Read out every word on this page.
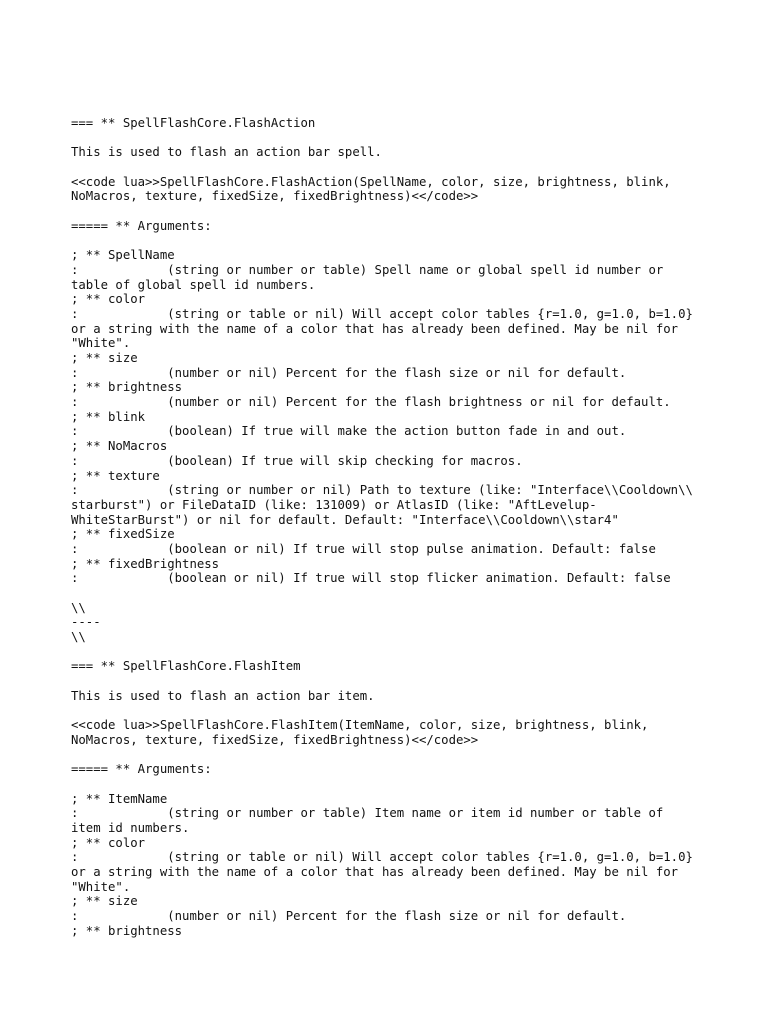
=== ** SpellFlashCore.FlashAction
This is used to flash an action bar spell.
<<code lua>>SpellFlashCore.FlashAction(SpellName, color, size, brightness, blink,
NoMacros, texture, fixedSize, fixedBrightness)<</code>>
===== ** Arguments:
; ** SpellName
:            (string or number or table) Spell name or global spell id number or
table of global spell id numbers.
; ** color
:            (string or table or nil) Will accept color tables {r=1.0, g=1.0, b=1.0}
or a string with the name of a color that has already been defined. May be nil for
"White".
; ** size
:            (number or nil) Percent for the flash size or nil for default.
; ** brightness
:            (number or nil) Percent for the flash brightness or nil for default.
; ** blink
:            (boolean) If true will make the action button fade in and out.
; ** NoMacros
:            (boolean) If true will skip checking for macros.
; ** texture
:            (string or number or nil) Path to texture (like: "Interface\\Cooldown\\
starburst") or FileDataID (like: 131009) or AtlasID (like: "AftLevelup-
WhiteStarBurst") or nil for default. Default: "Interface\\Cooldown\\star4"
; ** fixedSize
:            (boolean or nil) If true will stop pulse animation. Default: false
; ** fixedBrightness
:            (boolean or nil) If true will stop flicker animation. Default: false
\\
----
\\
=== ** SpellFlashCore.FlashItem
This is used to flash an action bar item.
<<code lua>>SpellFlashCore.FlashItem(ItemName, color, size, brightness, blink,
NoMacros, texture, fixedSize, fixedBrightness)<</code>>
===== ** Arguments:
; ** ItemName
:            (string or number or table) Item name or item id number or table of
item id numbers.
; ** color
:            (string or table or nil) Will accept color tables {r=1.0, g=1.0, b=1.0}
or a string with the name of a color that has already been defined. May be nil for
"White".
; ** size
:            (number or nil) Percent for the flash size or nil for default.
; ** brightness
